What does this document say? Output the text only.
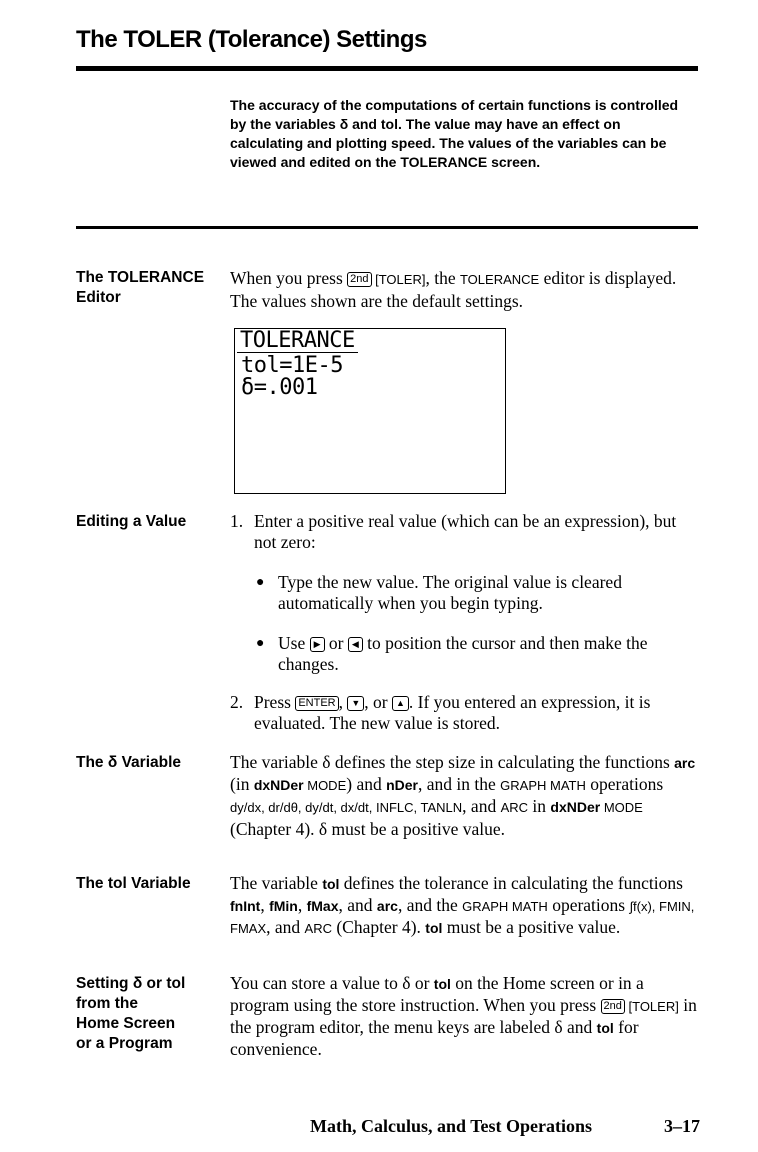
The TOLER (Tolerance) Settings
The accuracy of the computations of certain functions is controlled by the variables δ and tol. The value may have an effect on calculating and plotting speed. The values of the variables can be viewed and edited on the TOLERANCE screen.
The TOLERANCE
Editor
When you press 2nd [TOLER], the TOLERANCE editor is displayed. The values shown are the default settings.
TOLERANCE
tol=1E-5
δ=.001
Editing a Value	1. Enter a positive real value (which can be an expression), but not zero:
● Type the new value. The original value is cleared automatically when you begin typing.
● Use ▶ or ◀ to position the cursor and then make the changes.
2. Press ENTER , ▼ , or ▲ . If you entered an expression, it is evaluated. The new value is stored.
The δ Variable	The variable δ defines the step size in calculating the functions arc (in dxNDer MODE) and nDer, and in the GRAPH MATH operations dy/dx, dr/dθ, dy/dt, dx/dt, INFLC, TANLN, and ARC in dxNDer MODE (Chapter 4). δ must be a positive value.
The tol Variable	The variable tol defines the tolerance in calculating the functions fnInt, fMin, fMax, and arc, and the GRAPH MATH operations ∫f(x), FMIN, FMAX, and ARC (Chapter 4). tol must be a positive value.
Setting δ or tol
from the
Home Screen
or a Program
You can store a value to δ or tol on the Home screen or in a program using the store instruction. When you press 2nd [TOLER] in the program editor, the menu keys are labeled δ and tol for convenience.
Math, Calculus, and Test Operations	3–17
